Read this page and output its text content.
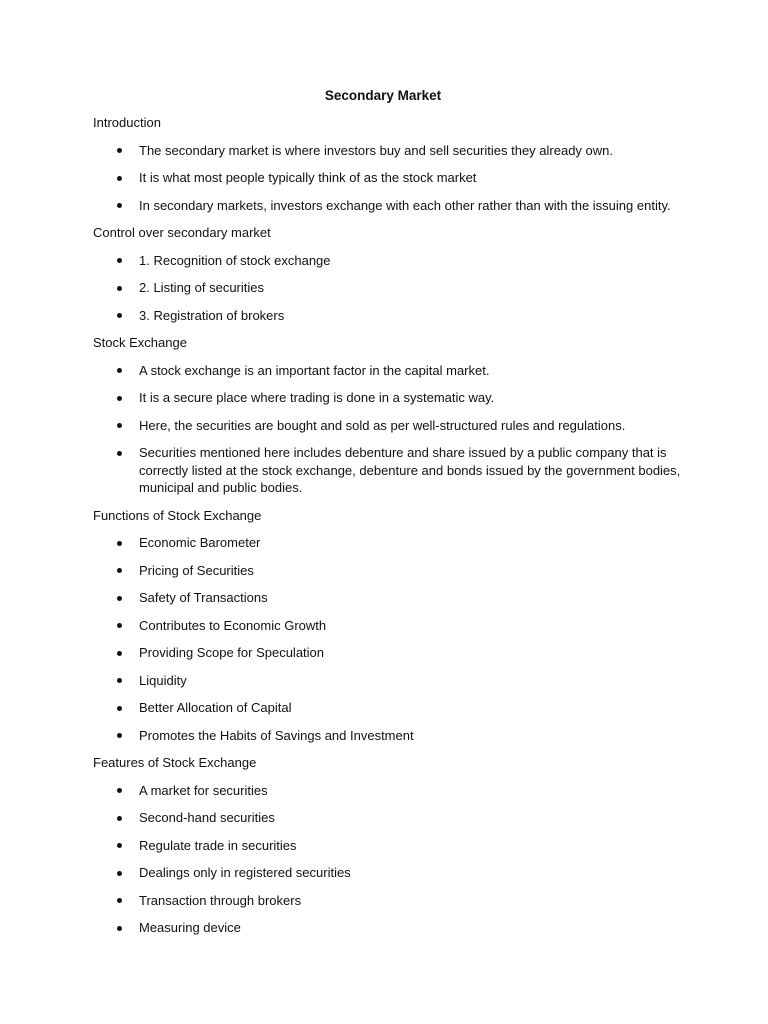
Secondary Market
Introduction
The secondary market is where investors buy and sell securities they already own.
It is what most people typically think of as the stock market
In secondary markets, investors exchange with each other rather than with the issuing entity.
Control over secondary market
1. Recognition of stock exchange
2. Listing of securities
3. Registration of brokers
Stock Exchange
A stock exchange is an important factor in the capital market.
It is a secure place where trading is done in a systematic way.
Here, the securities are bought and sold as per well-structured rules and regulations.
Securities mentioned here includes debenture and share issued by a public company that is correctly listed at the stock exchange, debenture and bonds issued by the government bodies, municipal and public bodies.
Functions of Stock Exchange
Economic Barometer
Pricing of Securities
Safety of Transactions
Contributes to Economic Growth
Providing Scope for Speculation
Liquidity
Better Allocation of Capital
Promotes the Habits of Savings and Investment
Features of Stock Exchange
A market for securities
Second-hand securities
Regulate trade in securities
Dealings only in registered securities
Transaction through brokers
Measuring device
